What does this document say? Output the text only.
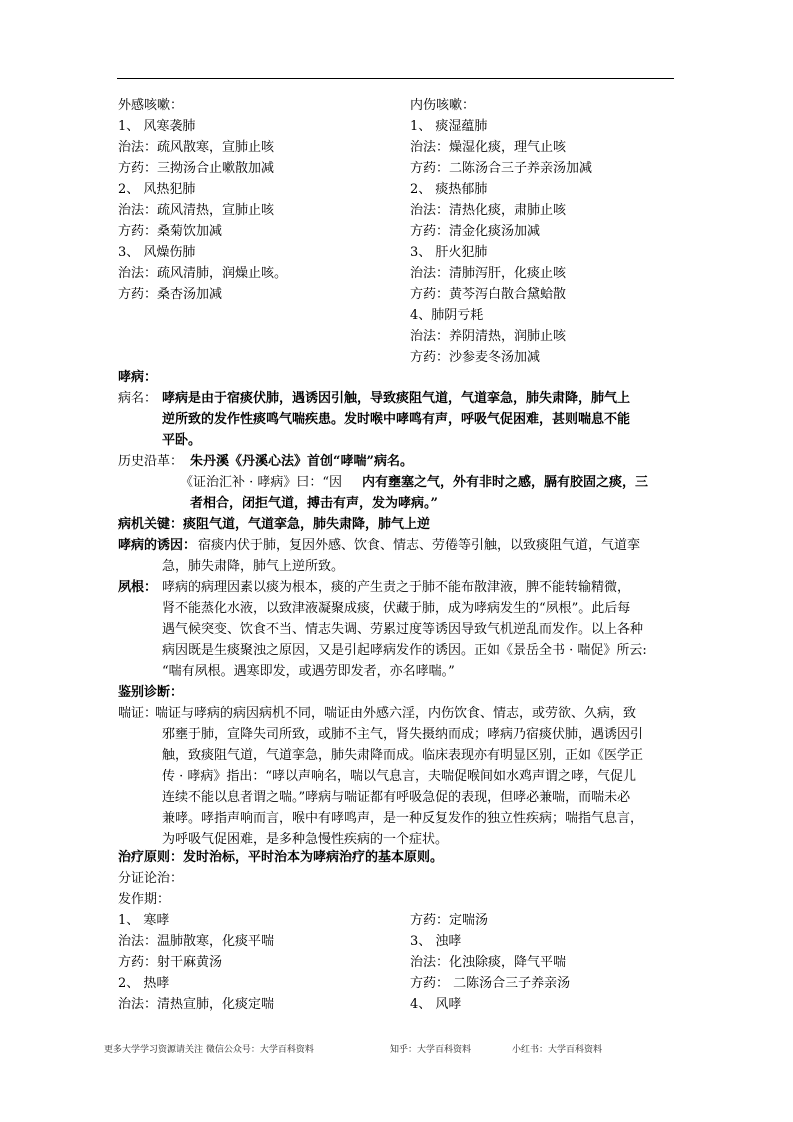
外感咳嗽：
1、 风寒袭肺
治法：疏风散寒，宣肺止咳
方药：三拗汤合止嗽散加减
2、 风热犯肺
治法：疏风清热，宣肺止咳
方药：桑菊饮加减
3、 风燥伤肺
治法：疏风清肺，润燥止咳。
方药：桑杏汤加减
内伤咳嗽：
1、 痰湿蕴肺
治法：燥湿化痰，理气止咳
方药：二陈汤合三子养亲汤加减
2、 痰热郁肺
治法：清热化痰，肃肺止咳
方药：清金化痰汤加减
3、 肝火犯肺
治法：清肺泻肝，化痰止咳
方药：黄芩泻白散合黛蛤散
4、肺阴亏耗
治法：养阴清热，润肺止咳
方药：沙参麦冬汤加减
哮病：
病名： 哮病是由于宿痰伏肺，遇诱因引触，导致痰阻气道，气道挛急，肺失肃降，肺气上
逆所致的发作性痰鸣气喘疾患。发时喉中哮鸣有声，呼吸气促困难，甚则喘息不能
平卧。
历史沿革： 朱丹溪《丹溪心法》首创“哮喘”病名。
《证治汇补 · 哮病》曰：“因 内有壅塞之气，外有非时之感，膈有胶固之痰，三
者相合，闭拒气道，搏击有声，发为哮病。”
病机关键：痰阻气道，气道挛急，肺失肃降，肺气上逆
哮病的诱因： 宿痰内伏于肺，复因外感、饮食、情志、劳倦等引触，以致痰阻气道，气道挛
急，肺失肃降，肺气上逆所致。
夙根： 哮病的病理因素以痰为根本，痰的产生责之于肺不能布散津液，脾不能转输精微，
肾不能蒸化水液，以致津液凝聚成痰，伏藏于肺，成为哮病发生的“夙根”。此后每
遇气候突变、饮食不当、情志失调、劳累过度等诱因导致气机逆乱而发作。以上各种
病因既是生痰聚浊之原因，又是引起哮病发作的诱因。正如《景岳全书 · 喘促》所云:
“喘有夙根。遇寒即发，或遇劳即发者，亦名哮喘。”
鉴别诊断：
喘证：
喘证与哮病的病因病机不同，喘证由外感六淫，内伤饮食、情志，或劳欲、久病，致
邪壅于肺，宣降失司所致，或肺不主气，肾失摄纳而成；哮病乃宿痰伏肺，遇诱因引
触，致痰阻气道，气道挛急，肺失肃降而成。临床表现亦有明显区别，正如《医学正
传 · 哮病》指出：“哮以声响名，喘以气息言，夫喘促喉间如水鸡声谓之哮，气促儿
连续不能以息者谓之喘。”哮病与喘证都有呼吸急促的表现，但哮必兼喘，而喘未必
兼哮。哮指声响而言，喉中有哮鸣声，是一种反复发作的独立性疾病；喘指气息言，
为呼吸气促困难，是多种急慢性疾病的一个症状。
治疗原则：发时治标，平时治本为哮病治疗的基本原则。
分证论治：
发作期：
1、 寒哮
治法：温肺散寒，化痰平喘
方药：射干麻黄汤
2、 热哮
治法：清热宣肺，化痰定喘
方药：定喘汤
3、 浊哮
治法：化浊除痰，降气平喘
方药： 二陈汤合三子养亲汤
4、 风哮
更多大学学习资源请关注 微信公众号：大学百科资料	知乎：大学百科资料	小红书：大学百科资料
